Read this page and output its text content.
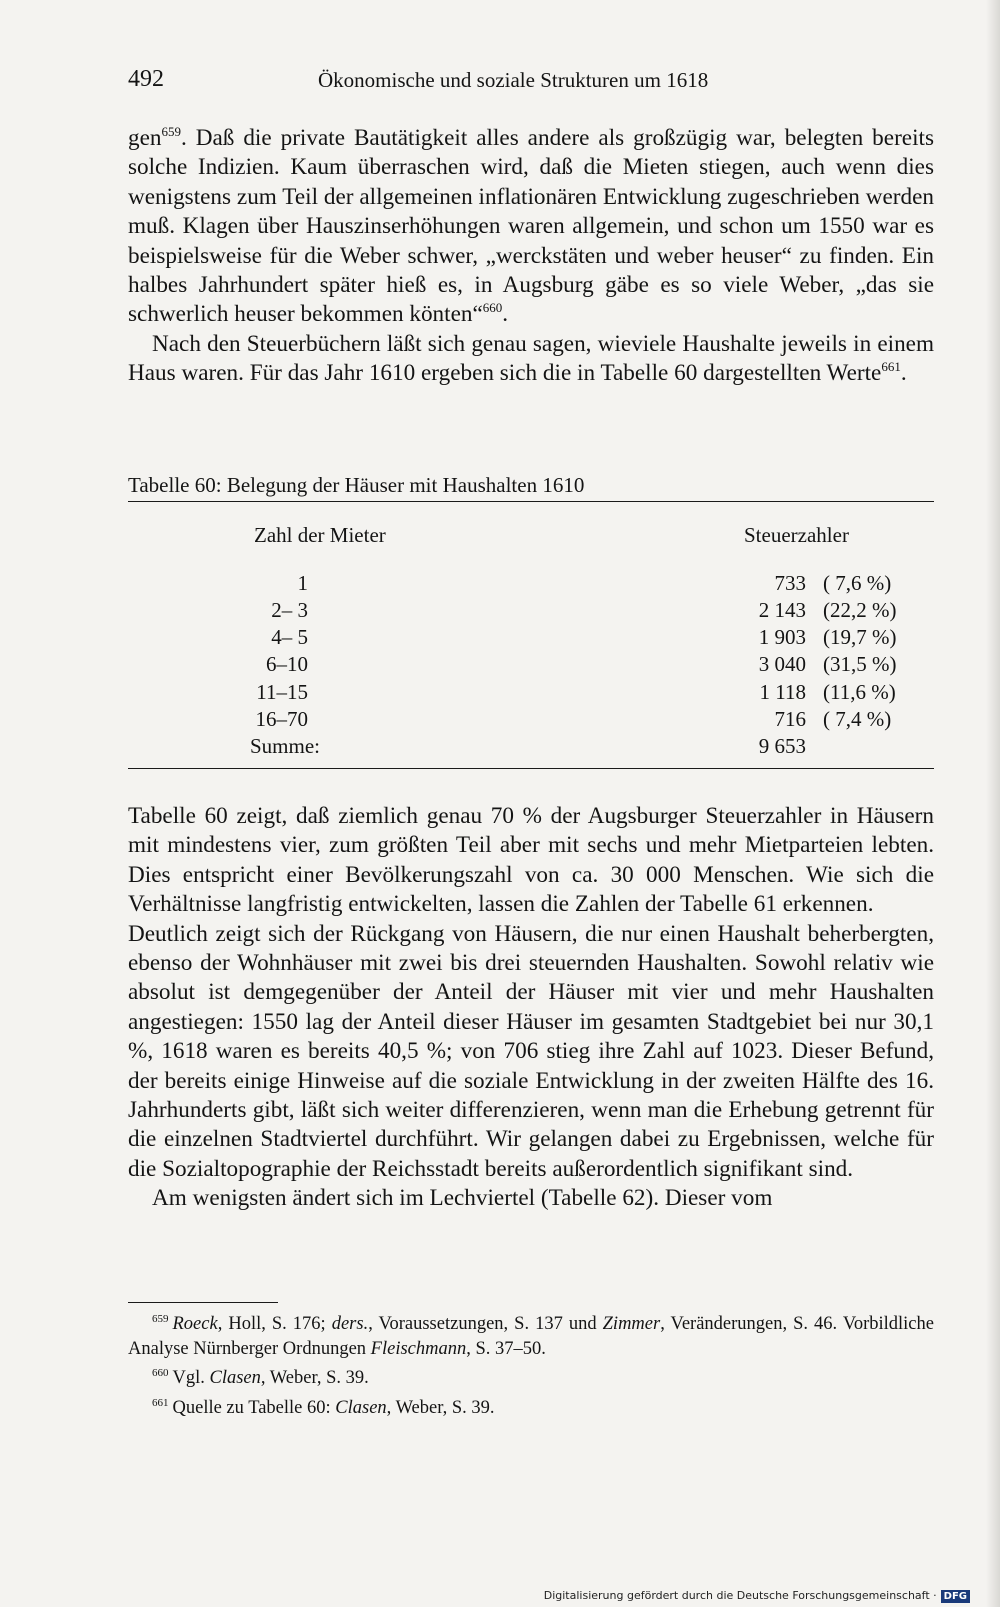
492	Ökonomische und soziale Strukturen um 1618

gen$^{659}$. Daß die private Bautätigkeit alles andere als großzügig war, belegten bereits solche Indizien. Kaum überraschen wird, daß die Mieten stiegen, auch wenn dies wenigstens zum Teil der allgemeinen inflationären Entwicklung zugeschrieben werden muß. Klagen über Hauszinserhöhungen waren allgemein, und schon um 1550 war es beispielsweise für die Weber schwer, „werckstäten und weber heuser“ zu finden. Ein halbes Jahrhundert später hieß es, in Augsburg gäbe es so viele Weber, „das sie schwerlich heuser bekommen könten“$^{660}$.

Nach den Steuerbüchern läßt sich genau sagen, wieviele Haushalte jeweils in einem Haus waren. Für das Jahr 1610 ergeben sich die in Tabelle 60 dargestellten Werte$^{661}$.

Tabelle 60: Belegung der Häuser mit Haushalten 1610
Zahl der Mieter	Steuerzahler
1	733 ( 7,6 %)
2– 3	2 143 (22,2 %)
4– 5	1 903 (19,7 %)
6–10	3 040 (31,5 %)
11–15	1 118 (11,6 %)
16–70	716 ( 7,4 %)
Summe:	9 653

Tabelle 60 zeigt, daß ziemlich genau 70 % der Augsburger Steuerzahler in Häusern mit mindestens vier, zum größten Teil aber mit sechs und mehr Mietparteien lebten. Dies entspricht einer Bevölkerungszahl von ca. 30 000 Menschen. Wie sich die Verhältnisse langfristig entwickelten, lassen die Zahlen der Tabelle 61 erkennen.

Deutlich zeigt sich der Rückgang von Häusern, die nur einen Haushalt beherbergten, ebenso der Wohnhäuser mit zwei bis drei steuernden Haushalten. Sowohl relativ wie absolut ist demgegenüber der Anteil der Häuser mit vier und mehr Haushalten angestiegen: 1550 lag der Anteil dieser Häuser im gesamten Stadtgebiet bei nur 30,1 %, 1618 waren es bereits 40,5 %; von 706 stieg ihre Zahl auf 1023. Dieser Befund, der bereits einige Hinweise auf die soziale Entwicklung in der zweiten Hälfte des 16. Jahrhunderts gibt, läßt sich weiter differenzieren, wenn man die Erhebung getrennt für die einzelnen Stadtviertel durchführt. Wir gelangen dabei zu Ergebnissen, welche für die Sozialtopographie der Reichsstadt bereits außerordentlich signifikant sind.

Am wenigsten ändert sich im Lechviertel (Tabelle 62). Dieser vom

$^{659}$ Roeck, Holl, S. 176; ders., Voraussetzungen, S. 137 und Zimmer, Veränderungen, S. 46. Vorbildliche Analyse Nürnberger Ordnungen Fleischmann, S. 37–50.

$^{660}$ Vgl. Clasen, Weber, S. 39.

$^{661}$ Quelle zu Tabelle 60: Clasen, Weber, S. 39.

Digitalisierung gefördert durch die Deutsche Forschungsgemeinschaft · DFG
